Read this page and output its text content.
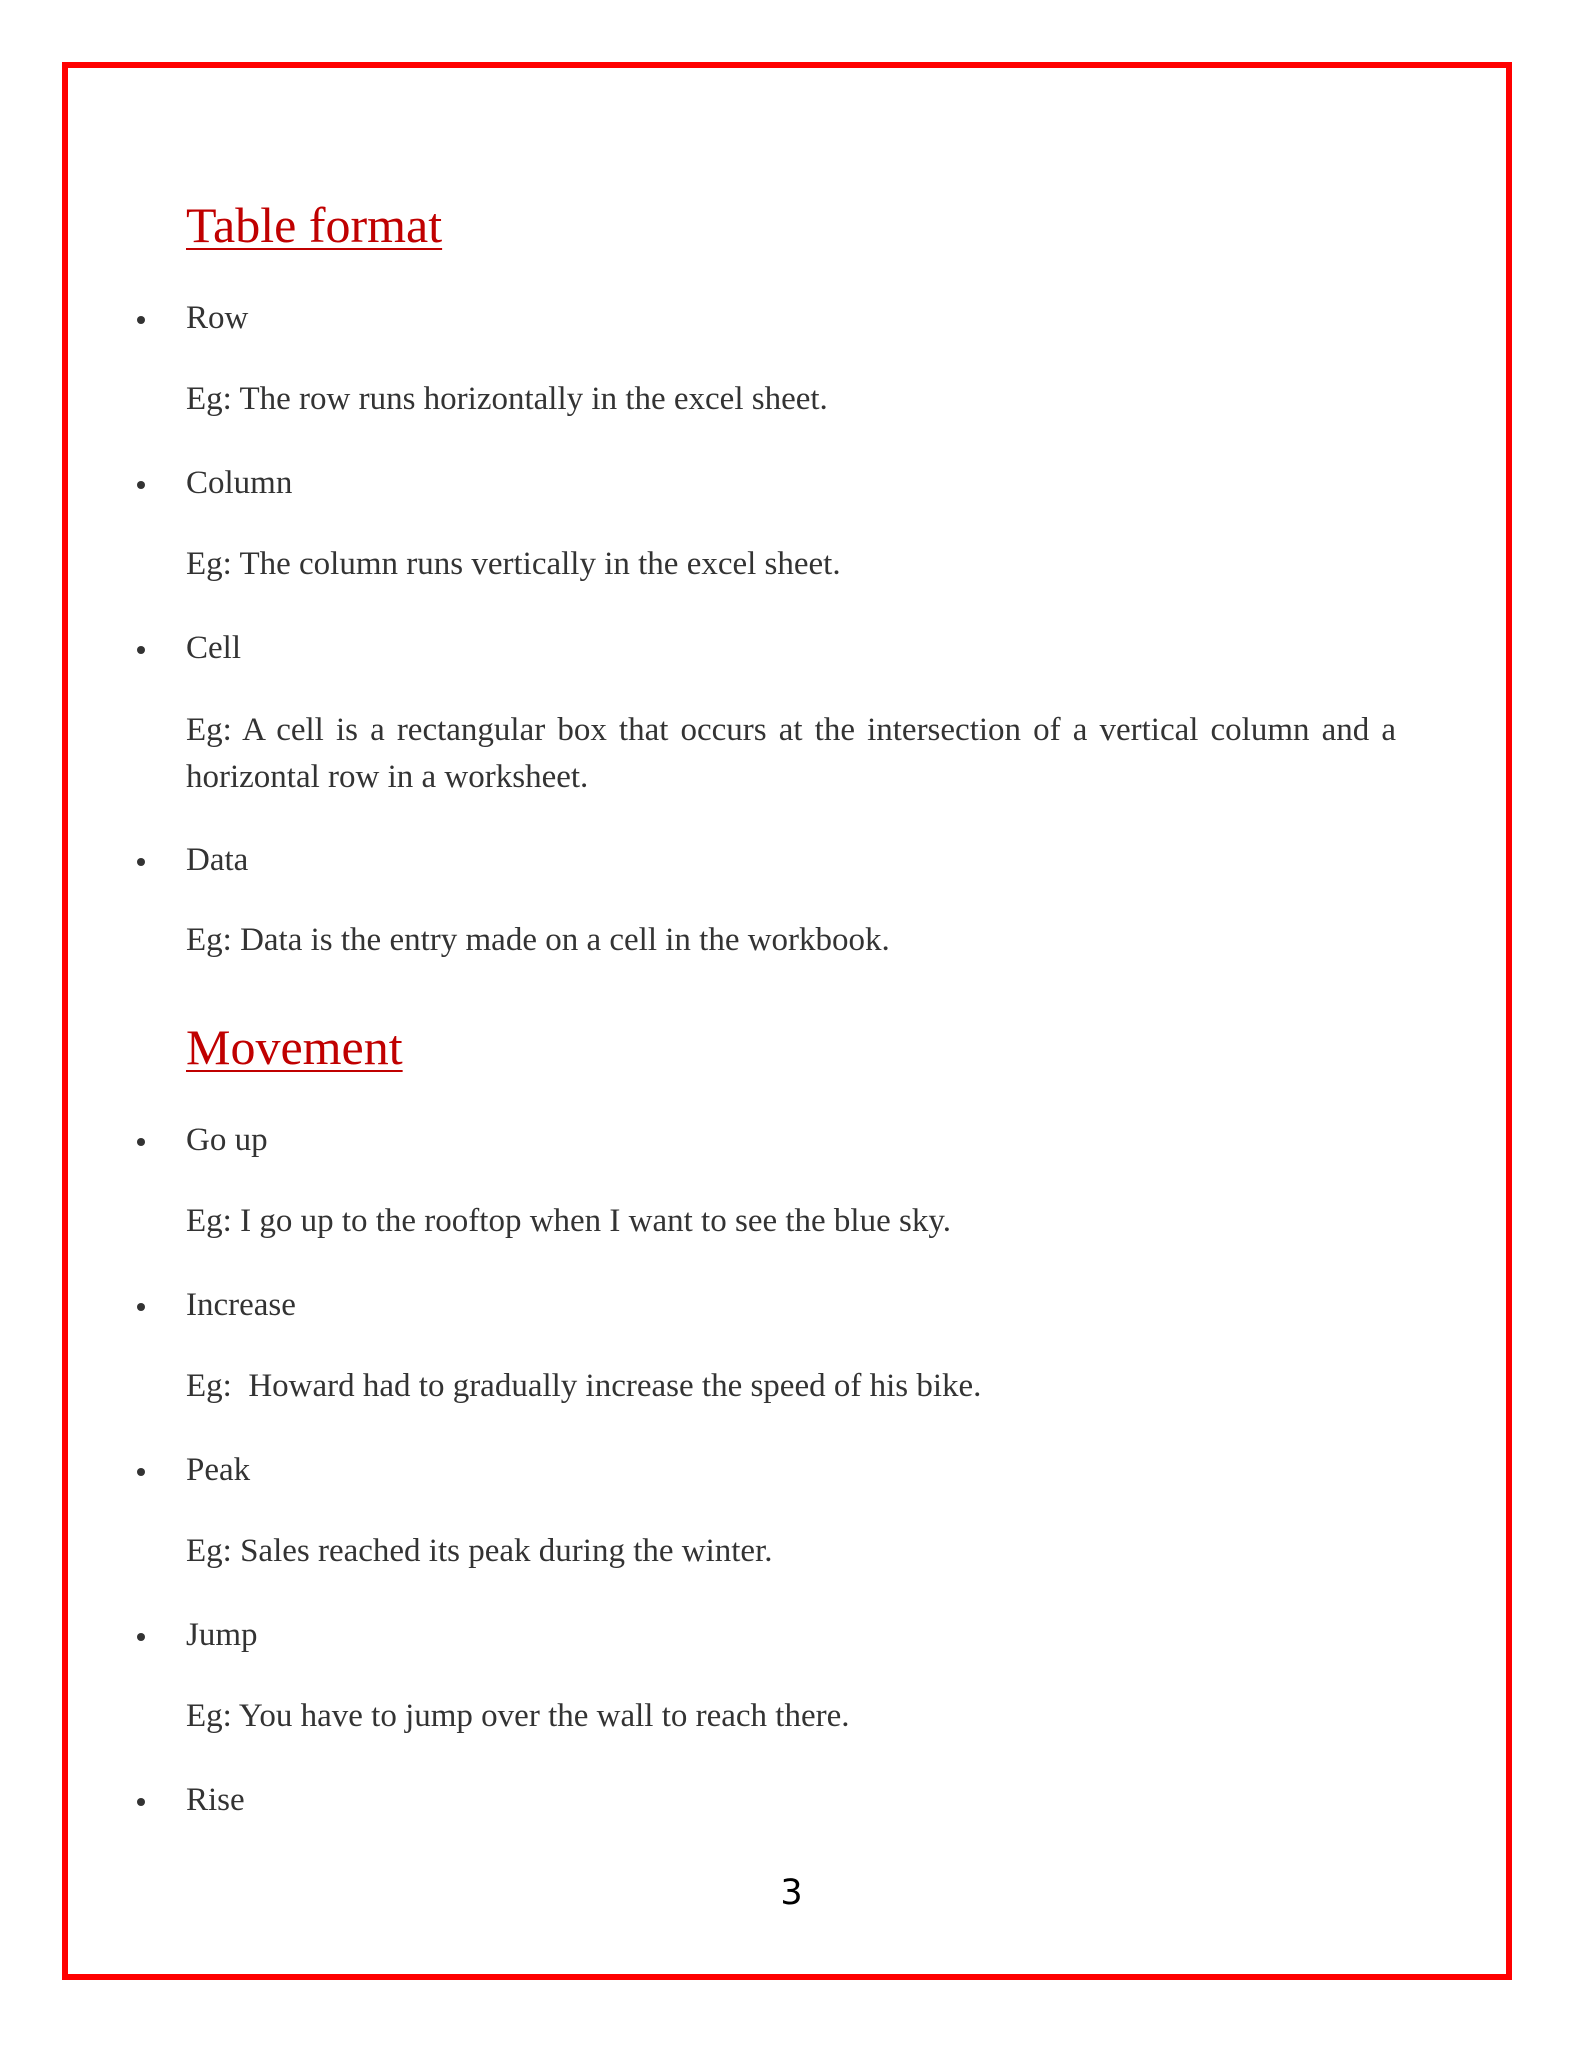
Table format
Row
Eg: The row runs horizontally in the excel sheet.
Column
Eg: The column runs vertically in the excel sheet.
Cell
Eg: A cell is a rectangular box that occurs at the intersection of a vertical column and a horizontal row in a worksheet.
Data
Eg: Data is the entry made on a cell in the workbook.
Movement
Go up
Eg: I go up to the rooftop when I want to see the blue sky.
Increase
Eg:  Howard had to gradually increase the speed of his bike.
Peak
Eg: Sales reached its peak during the winter.
Jump
Eg: You have to jump over the wall to reach there.
Rise
3
